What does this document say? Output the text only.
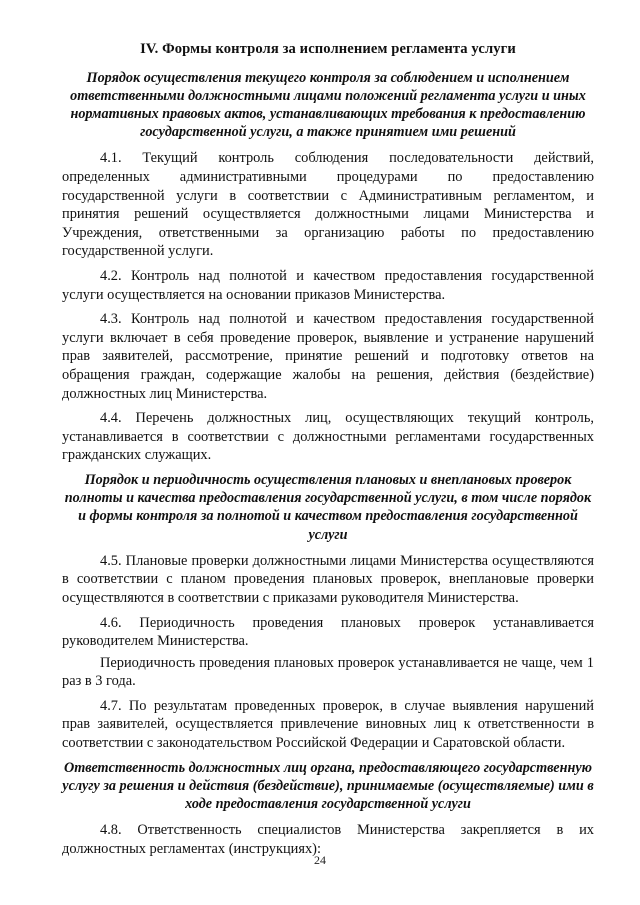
IV. Формы контроля за исполнением регламента услуги
Порядок осуществления текущего контроля за соблюдением и исполнением ответственными должностными лицами положений регламента услуги и иных нормативных правовых актов, устанавливающих требования к предоставлению государственной услуги, а также принятием ими решений

4.1. Текущий контроль соблюдения последовательности действий, определенных административными процедурами по предоставлению государственной услуги в соответствии с Административным регламентом, и принятия решений осуществляется должностными лицами Министерства и Учреждения, ответственными за организацию работы по предоставлению государственной услуги.

4.2. Контроль над полнотой и качеством предоставления государственной услуги осуществляется на основании приказов Министерства.

4.3. Контроль над полнотой и качеством предоставления государственной услуги включает в себя проведение проверок, выявление и устранение нарушений прав заявителей, рассмотрение, принятие решений и подготовку ответов на обращения граждан, содержащие жалобы на решения, действия (бездействие) должностных лиц Министерства.

4.4. Перечень должностных лиц, осуществляющих текущий контроль, устанавливается в соответствии с должностными регламентами государственных гражданских служащих.

Порядок и периодичность осуществления плановых и внеплановых проверок полноты и качества предоставления государственной услуги, в том числе порядок и формы контроля за полнотой и качеством предоставления государственной услуги

4.5. Плановые проверки должностными лицами Министерства осуществляются в соответствии с планом проведения плановых проверок, внеплановые проверки осуществляются в соответствии с приказами руководителя Министерства.

4.6. Периодичность проведения плановых проверок устанавливается руководителем Министерства.

Периодичность проведения плановых проверок устанавливается не чаще, чем 1 раз в 3 года.

4.7. По результатам проведенных проверок, в случае выявления нарушений прав заявителей, осуществляется привлечение виновных лиц к ответственности в соответствии с законодательством Российской Федерации и Саратовской области.

Ответственность должностных лиц органа, предоставляющего государственную услугу за решения и действия (бездействие), принимаемые (осуществляемые) ими в ходе предоставления государственной услуги

4.8. Ответственность специалистов Министерства закрепляется в их должностных регламентах (инструкциях):

24
